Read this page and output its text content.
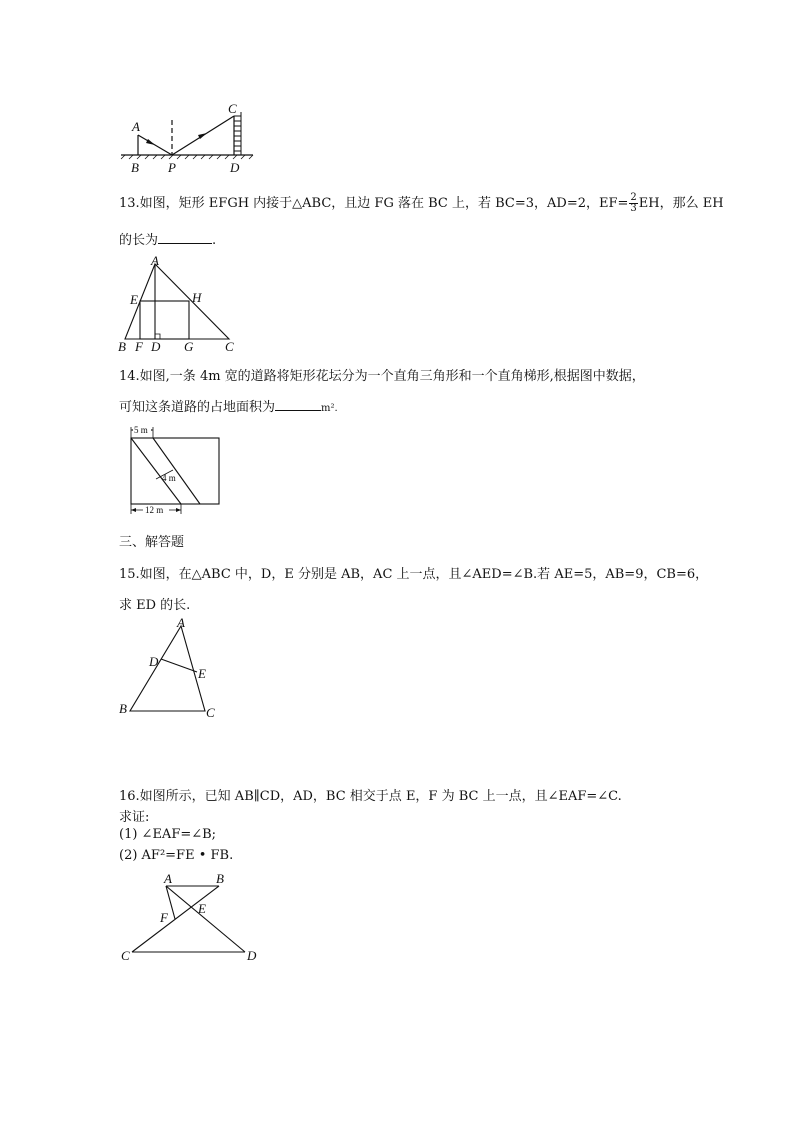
A
B P
C
D
13.如图，矩形 EFGH 内接于△ABC，且边 FG 落在 BC 上，若 BC=3，AD=2，$EF= \frac{2}{3}$ EH，那么 EH
的长为	.
A
E	H
B F D G C
14.如图,一条 4m 宽的道路将矩形花坛分为一个直角三角形和一个直角梯形,根据图中数据，
可知这条道路的占地面积为	m².
5 m
4 m
12 m
三、解答题
15.如图，在△ABC 中，D，E 分别是 AB，AC 上一点，且∠AED=∠B.若 AE=5，AB=9，CB=6，
求 ED 的长.
A
D
E
B	C
16.如图所示，已知 AB∥CD，AD，BC 相交于点 E，F 为 BC 上一点，且∠EAF=∠C.
求证:
(1) ∠EAF=∠B;
(2) AF²=FE • FB.
A	B
F
E
C	D
